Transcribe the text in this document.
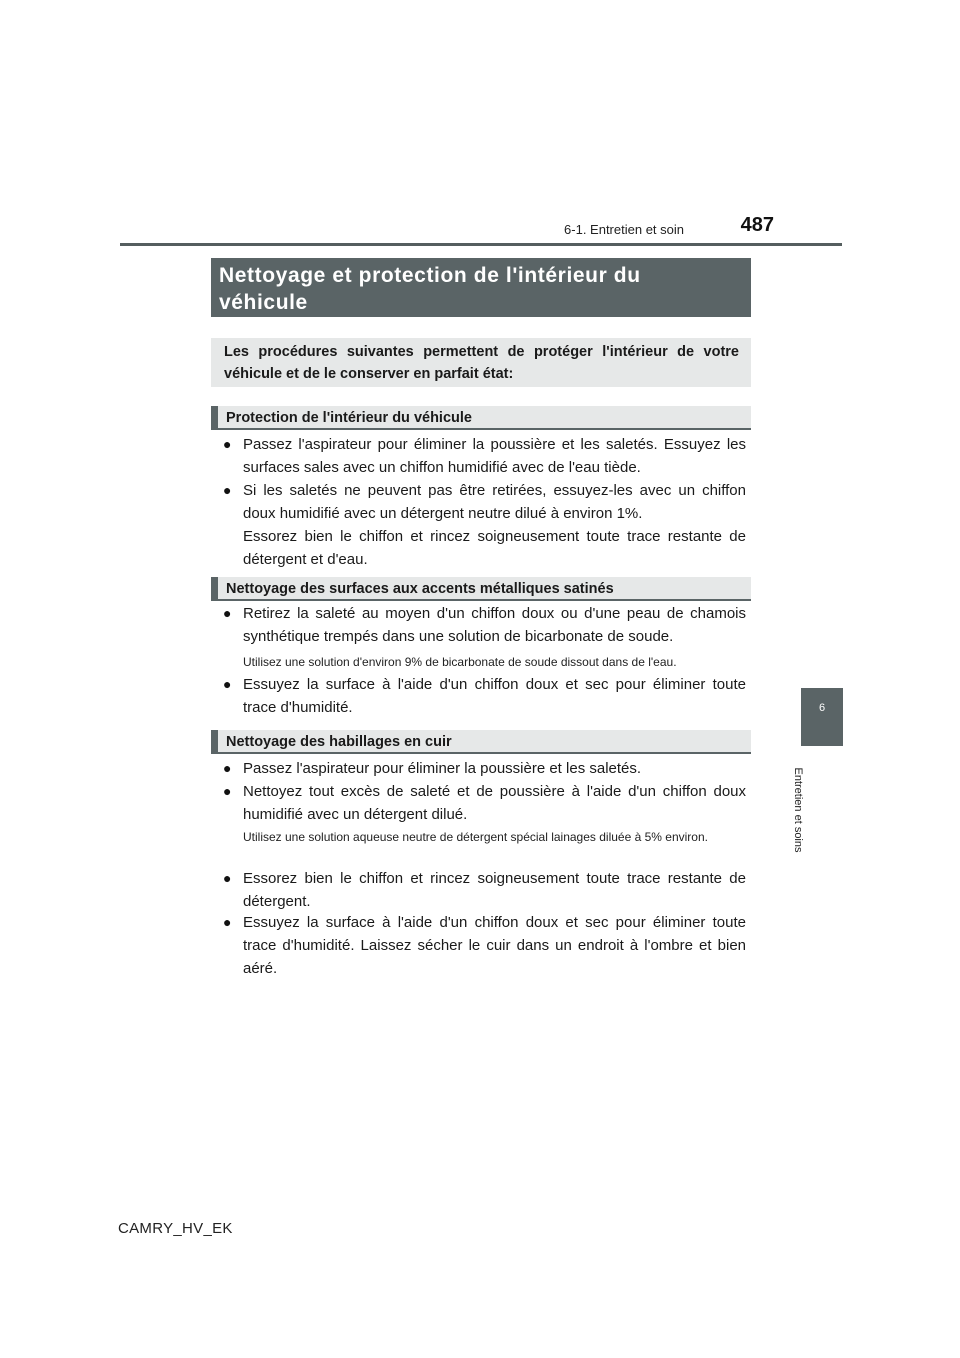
6-1. Entretien et soin	487
6
Entretien et soins
Nettoyage et protection de l'intérieur du
véhicule
Les procédures suivantes permettent de protéger l'intérieur de votre véhicule et de le conserver en parfait état:
Protection de l'intérieur du véhicule
● Passez l'aspirateur pour éliminer la poussière et les saletés. Essuyez les surfaces sales avec un chiffon humidifié avec de l'eau tiède.
● Si les saletés ne peuvent pas être retirées, essuyez-les avec un chiffon doux humidifié avec un détergent neutre dilué à environ 1%.
Essorez bien le chiffon et rincez soigneusement toute trace restante de détergent et d'eau.
Nettoyage des surfaces aux accents métalliques satinés
● Retirez la saleté au moyen d'un chiffon doux ou d'une peau de chamois synthétique trempés dans une solution de bicarbonate de soude.
Utilisez une solution d'environ 9% de bicarbonate de soude dissout dans de l'eau.
● Essuyez la surface à l'aide d'un chiffon doux et sec pour éliminer toute trace d'humidité.
Nettoyage des habillages en cuir
● Passez l'aspirateur pour éliminer la poussière et les saletés.
● Nettoyez tout excès de saleté et de poussière à l'aide d'un chiffon doux humidifié avec un détergent dilué.
Utilisez une solution aqueuse neutre de détergent spécial lainages diluée à 5% environ.
● Essorez bien le chiffon et rincez soigneusement toute trace restante de détergent.
● Essuyez la surface à l'aide d'un chiffon doux et sec pour éliminer toute trace d'humidité. Laissez sécher le cuir dans un endroit à l'ombre et bien aéré.
CAMRY_HV_EK
